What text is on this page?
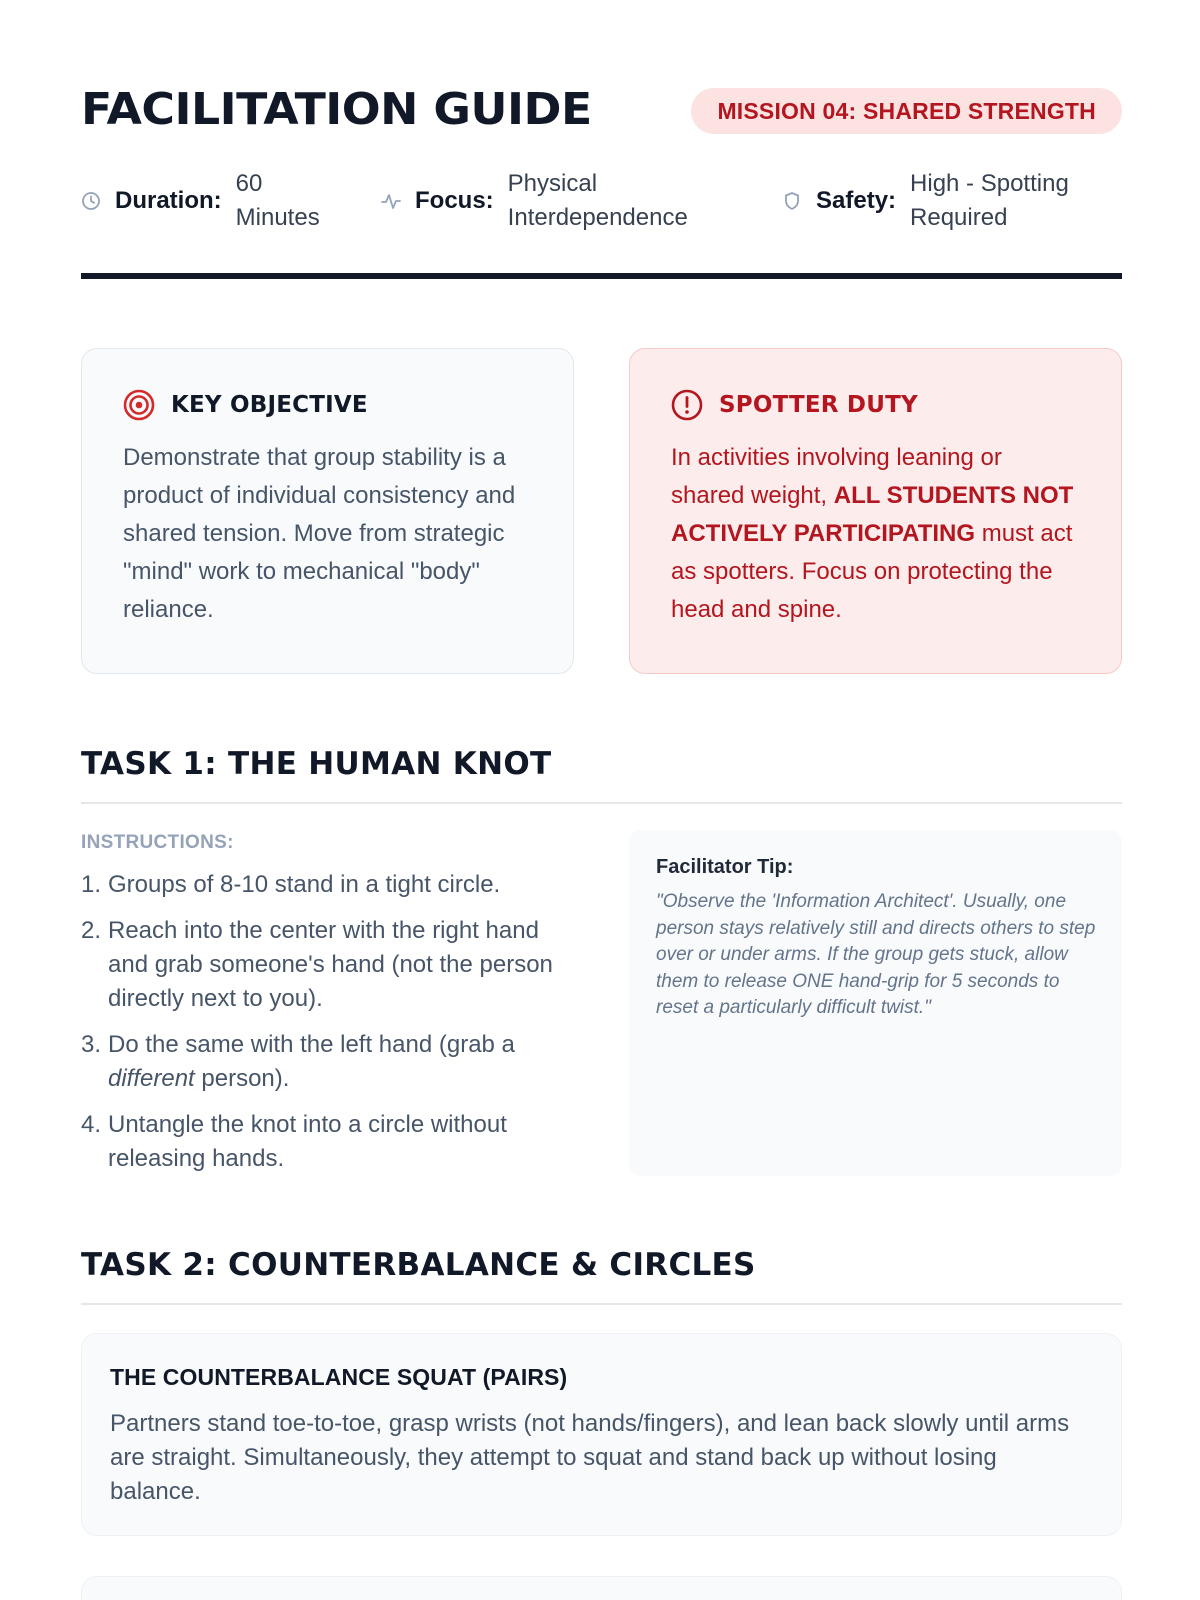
FACILITATION GUIDE	MISSION 04: SHARED STRENGTH
Duration:
60
Minutes
Focus:
Physical
Interdependence
Safety:
High - Spotting
Required
KEY OBJECTIVE
Demonstrate that group stability is a product of individual consistency and shared tension. Move from strategic "mind" work to mechanical "body" reliance.
SPOTTER DUTY
In activities involving leaning or shared weight, ALL STUDENTS NOT ACTIVELY PARTICIPATING must act as spotters. Focus on protecting the head and spine.
TASK 1: THE HUMAN KNOT
INSTRUCTIONS:
1. Groups of 8-10 stand in a tight circle.
2. Reach into the center with the right hand and grab someone's hand (not the person directly next to you).
3. Do the same with the left hand (grab a different person).
4. Untangle the knot into a circle without releasing hands.
Facilitator Tip:
"Observe the 'Information Architect'. Usually, one person stays relatively still and directs others to step over or under arms. If the group gets stuck, allow them to release ONE hand-grip for 5 seconds to reset a particularly difficult twist."
TASK 2: COUNTERBALANCE & CIRCLES
THE COUNTERBALANCE SQUAT (PAIRS)
Partners stand toe-to-toe, grasp wrists (not hands/fingers), and lean back slowly until arms are straight. Simultaneously, they attempt to squat and stand back up without losing balance.
